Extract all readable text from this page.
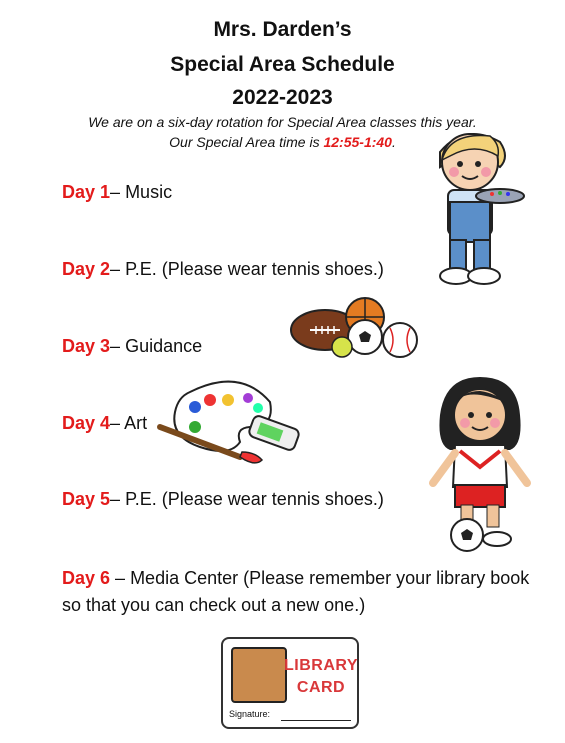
Mrs. Darden’s
Special Area Schedule
2022-2023
We are on a six-day rotation for Special Area classes this year.
Our Special Area time is 12:55-1:40.
Day 1– Music
Day 2– P.E. (Please wear tennis shoes.)
Day 3– Guidance
Day 4– Art
Day 5– P.E. (Please wear tennis shoes.)
Day 6 – Media Center (Please remember your library book so that you can check out a new one.)
LIBRARY
CARD
Signature:
